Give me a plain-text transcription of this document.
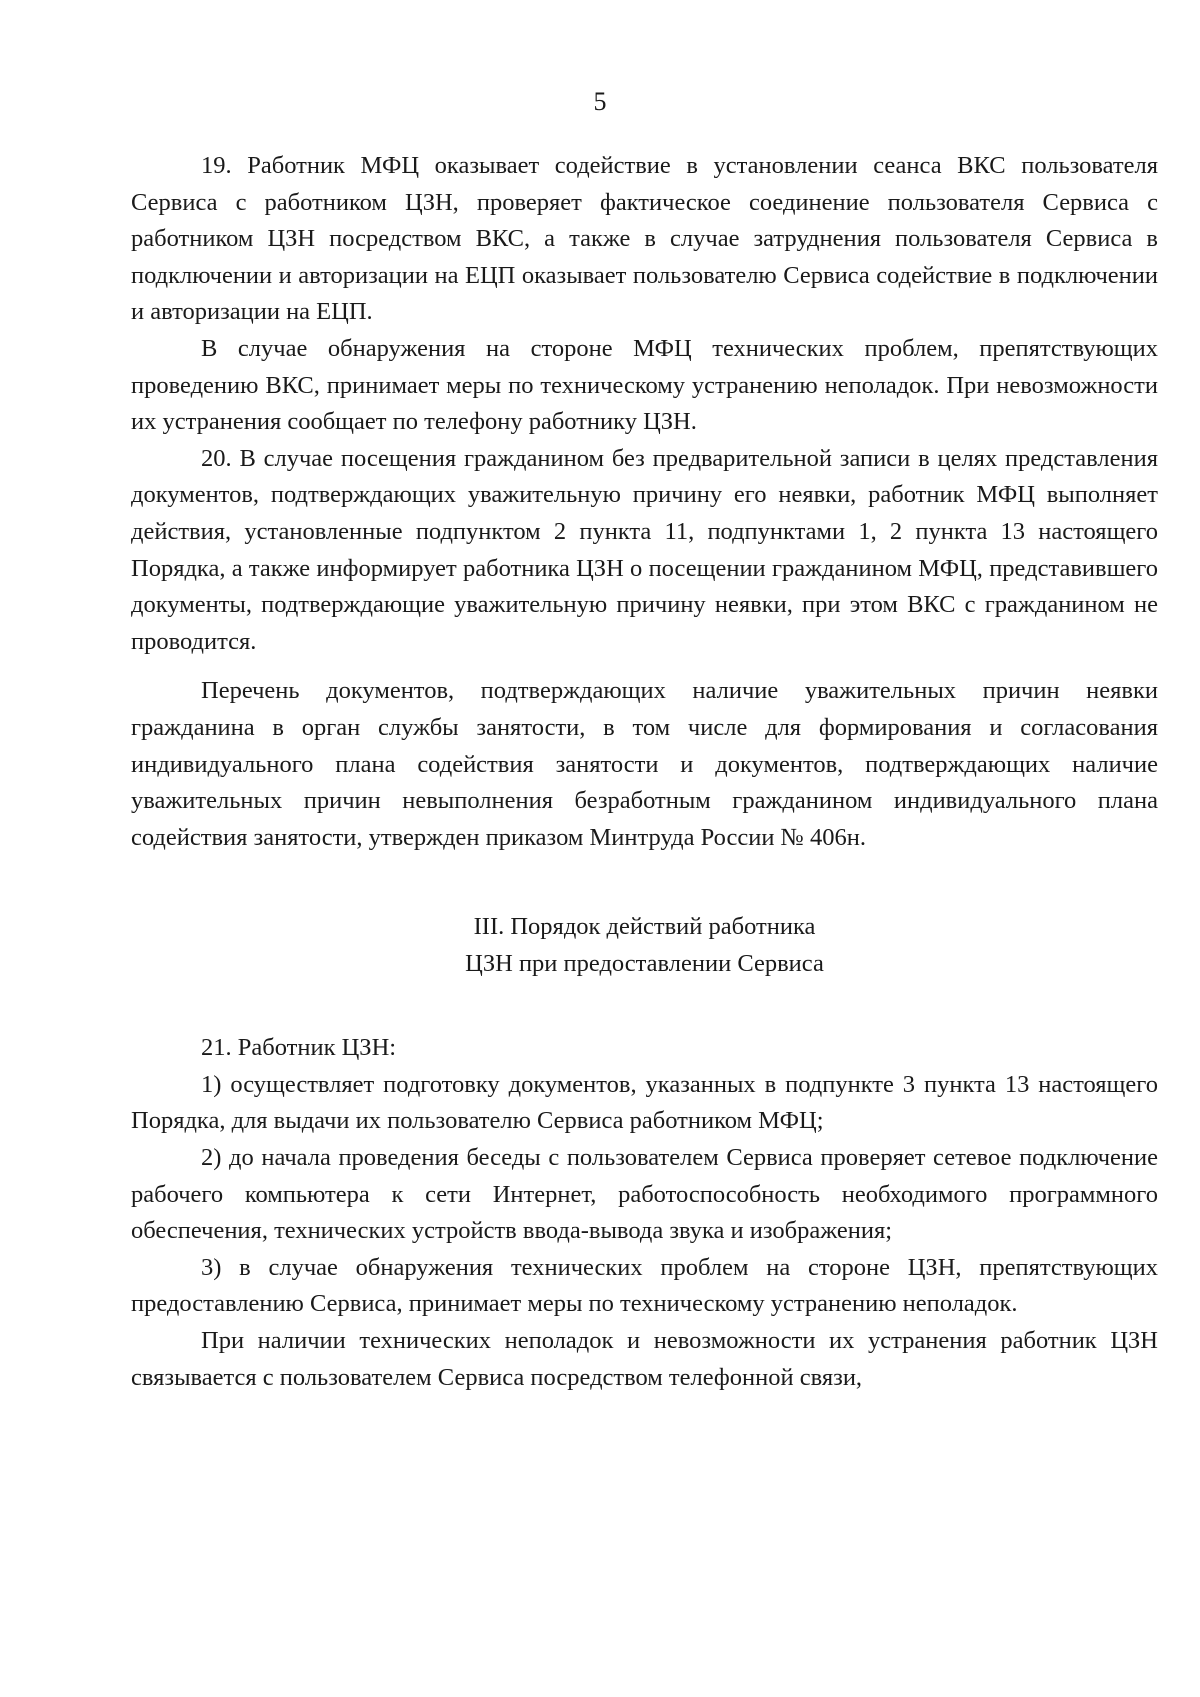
5

19. Работник МФЦ оказывает содействие в установлении сеанса ВКС пользователя Сервиса с работником ЦЗН, проверяет фактическое соединение пользователя Сервиса с работником ЦЗН посредством ВКС, а также в случае затруднения пользователя Сервиса в подключении и авторизации на ЕЦП оказывает пользователю Сервиса содействие в подключении и авторизации на ЕЦП.

В случае обнаружения на стороне МФЦ технических проблем, препятствующих проведению ВКС, принимает меры по техническому устранению неполадок. При невозможности их устранения сообщает по телефону работнику ЦЗН.

20. В случае посещения гражданином без предварительной записи в целях представления документов, подтверждающих уважительную причину его неявки, работник МФЦ выполняет действия, установленные подпунктом 2 пункта 11, подпунктами 1, 2 пункта 13 настоящего Порядка, а также информирует работника ЦЗН о посещении гражданином МФЦ, представившего документы, подтверждающие уважительную причину неявки, при этом ВКС с гражданином не проводится.

Перечень документов, подтверждающих наличие уважительных причин неявки гражданина в орган службы занятости, в том числе для формирования и согласования индивидуального плана содействия занятости и документов, подтверждающих наличие уважительных причин невыполнения безработным гражданином индивидуального плана содействия занятости, утвержден приказом Минтруда России № 406н.

III. Порядок действий работника
ЦЗН при предоставлении Сервиса

21. Работник ЦЗН:

1) осуществляет подготовку документов, указанных в подпункте 3 пункта 13 настоящего Порядка, для выдачи их пользователю Сервиса работником МФЦ;

2) до начала проведения беседы с пользователем Сервиса проверяет сетевое подключение рабочего компьютера к сети Интернет, работоспособность необходимого программного обеспечения, технических устройств ввода-вывода звука и изображения;

3) в случае обнаружения технических проблем на стороне ЦЗН, препятствующих предоставлению Сервиса, принимает меры по техническому устранению неполадок.

При наличии технических неполадок и невозможности их устранения работник ЦЗН связывается с пользователем Сервиса посредством телефонной связи,
